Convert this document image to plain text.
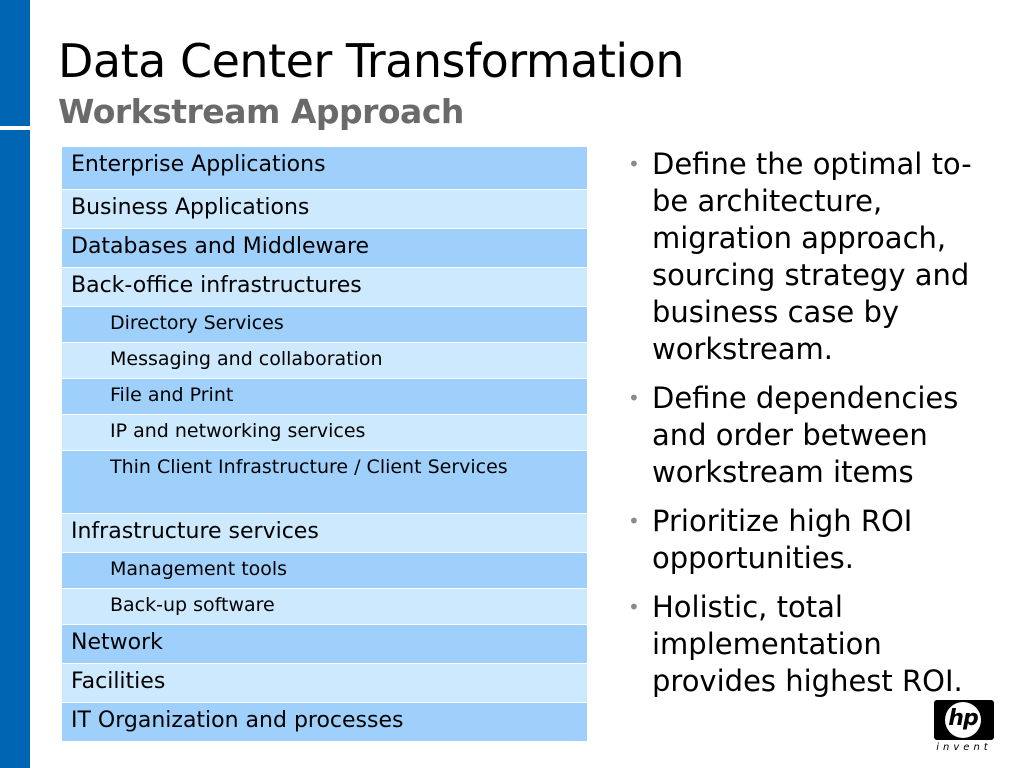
Data Center Transformation
Workstream Approach
Enterprise Applications
Business Applications
Databases and Middleware
Back-office infrastructures
Directory Services
Messaging and collaboration
File and Print
IP and networking services
Thin Client Infrastructure / Client Services
Infrastructure services
Management tools
Back-up software
Network
Facilities
IT Organization and processes
• Define the optimal to-be architecture, migration approach, sourcing strategy and business case by workstream.
• Define dependencies and order between workstream items
• Prioritize high ROI opportunities.
• Holistic, total implementation provides highest ROI.
hp
invent
